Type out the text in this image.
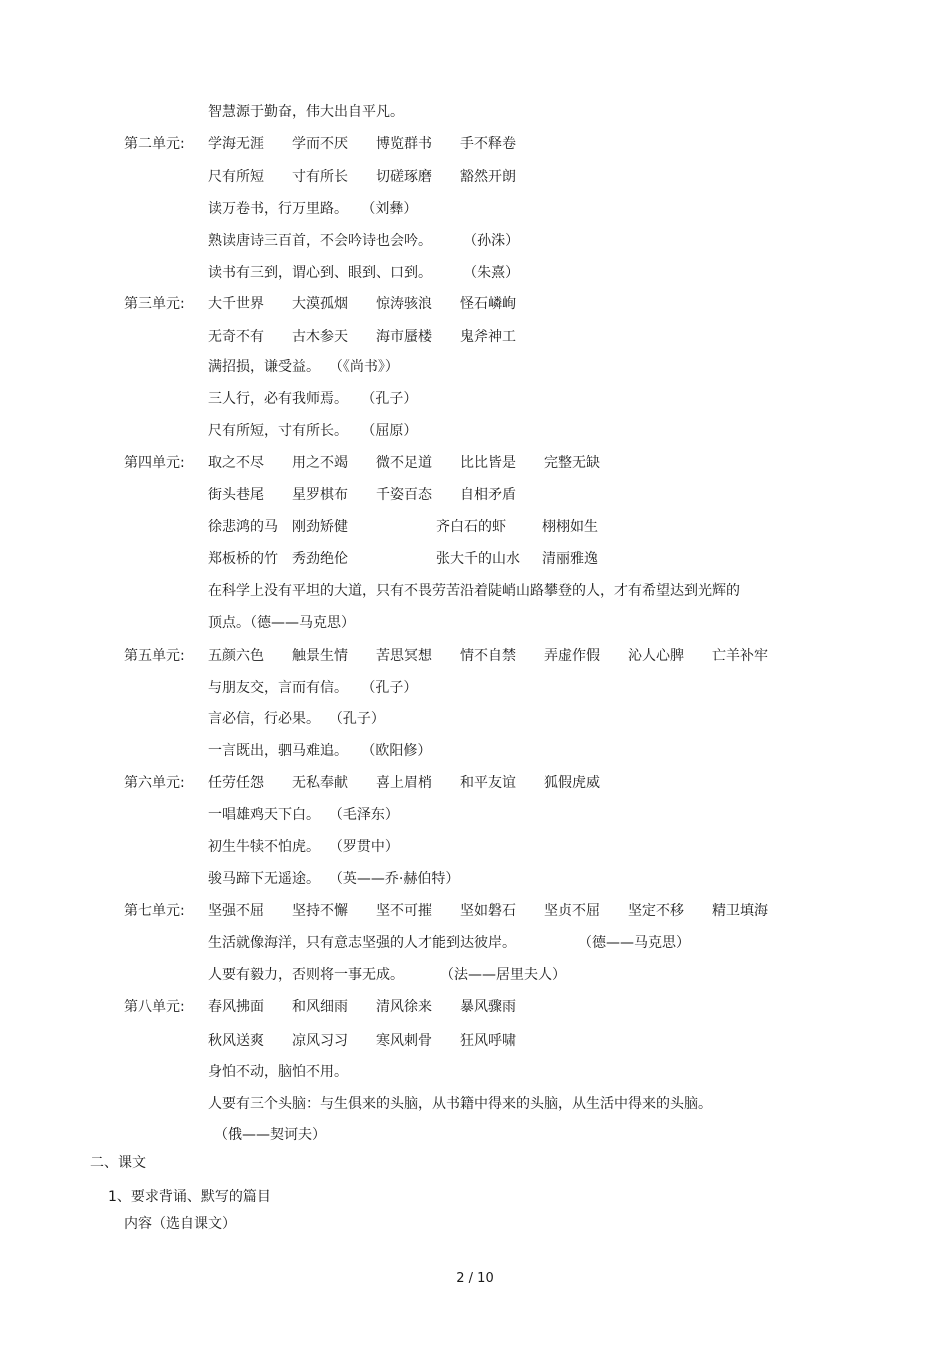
智慧源于勤奋，伟大出自平凡。
第二单元: 学海无涯	学而不厌	博览群书	手不释卷
尺有所短	寸有所长	切磋琢磨	豁然开朗
读万卷书，行万里路。 （刘彝）
熟读唐诗三百首，不会吟诗也会吟。 （孙洙）
读书有三到，谓心到、眼到、口到。 （朱熹）
第三单元: 大千世界	大漠孤烟	惊涛骇浪	怪石嶙峋
无奇不有	古木参天	海市蜃楼	鬼斧神工
满招损，谦受益。  （《尚书》）
三人行，必有我师焉。 （孔子）
尺有所短，寸有所长。 （屈原）
第四单元: 取之不尽	用之不竭	微不足道	比比皆是	完整无缺
街头巷尾	星罗棋布	千姿百态	自相矛盾
徐悲鸿的马	刚劲矫健	齐白石的虾	栩栩如生
郑板桥的竹	秀劲绝伦	张大千的山水	清丽雅逸
在科学上没有平坦的大道，只有不畏劳苦沿着陡峭山路攀登的人，才有希望达到光辉的
顶点。（德——马克思）
第五单元: 五颜六色	触景生情	苦思冥想	情不自禁	弄虚作假	沁人心脾	亡羊补牢
与朋友交，言而有信。 （孔子）
言必信，行必果。 （孔子）
一言既出，驷马难追。 （欧阳修）
第六单元: 任劳任怨	无私奉献	喜上眉梢	和平友谊	狐假虎威
一唱雄鸡天下白。 （毛泽东）
初生牛犊不怕虎。 （罗贯中）
骏马蹄下无遥途。 （英——乔·赫伯特）
第七单元: 坚强不屈	坚持不懈	坚不可摧	坚如磐石	坚贞不屈	坚定不移	精卫填海
生活就像海洋，只有意志坚强的人才能到达彼岸。	（德——马克思）
人要有毅力，否则将一事无成。	（法——居里夫人）
第八单元: 春风拂面	和风细雨	清风徐来	暴风骤雨
秋风送爽	凉风习习	寒风刺骨	狂风呼啸
身怕不动，脑怕不用。
人要有三个头脑：与生俱来的头脑，从书籍中得来的头脑，从生活中得来的头脑。
（俄——契诃夫）
二、课文
1、要求背诵、默写的篇目
内容（选自课文）
2 / 10
